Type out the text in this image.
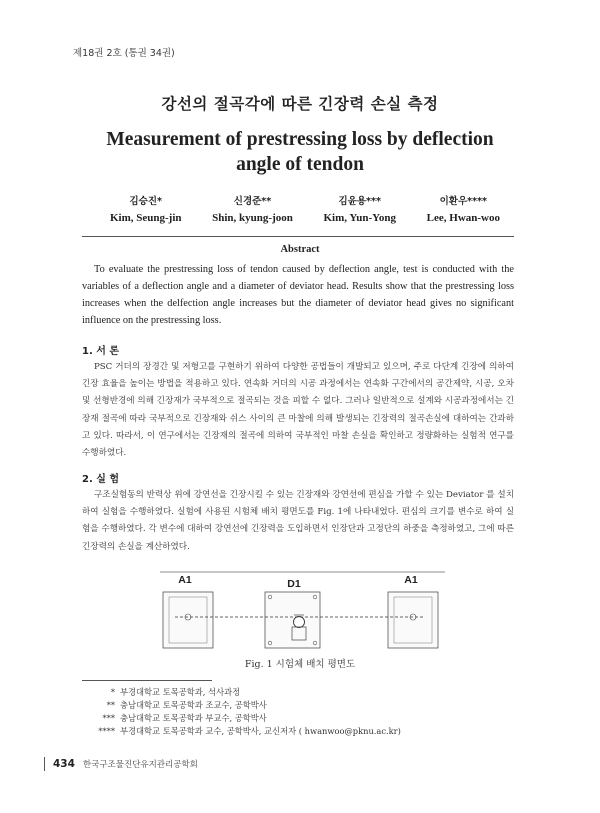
제18권 2호 (통권 34권)
강선의 절곡각에 따른 긴장력 손실 측정
Measurement of prestressing loss by deflection angle of tendon
김승진*
Kim, Seung-jin
신경준**
Shin, kyung-joon
김윤용***
Kim, Yun-Yong
이환우****
Lee, Hwan-woo
Abstract
To evaluate the prestressing loss of tendon caused by deflection angle, test is conducted with the variables of a deflection angle and a diameter of deviator head. Results show that the prestressing loss increases when the delfection angle increases but the diameter of deviator head gives no significant influence on the prestressing loss.
1. 서 론
PSC 거더의 장경간 및 저형고를 구현하기 위하여 다양한 공법들이 개발되고 있으며, 주로 다단계 긴장에 의하여 긴장 효율을 높이는 방법을 적용하고 있다. 연속화 거더의 시공 과정에서는 연속화 구간에서의 공간제약, 시공, 오차 및 선형반경에 의해 긴장재가 국부적으로 절곡되는 것을 피할 수 없다. 그러나 일반적으로 설계와 시공과정에서는 긴장재 절곡에 따라 국부적으로 긴장재와 쉬스 사이의 큰 마찰에 의해 발생되는 긴장력의 절곡손실에 대하여는 간과하고 있다. 따라서, 이 연구에서는 긴장재의 절곡에 의하여 국부적인 마찰 손실을 확인하고 정량화하는 실험적 연구를 수행하였다.
2. 실 험
구조실험동의 반력상 위에 강연선을 긴장시킬 수 있는 긴장재와 강연선에 편심을 가할 수 있는 Deviator 를 설치하여 실험을 수행하였다. 실험에 사용된 시험체 배치 평면도를 Fig. 1에 나타내었다. 편심의 크기를 변수로 하여 실험을 수행하였다. 각 변수에 대하여 강연선에 긴장력을 도입하면서 인장단과 고정단의 하중을 측정하였고, 그에 따른 긴장력의 손실을 계산하였다.
A1	D1	A1
Fig. 1 시험체 배치 평면도
* 부경대학교 토목공학과, 석사과정
** 충남대학교 토목공학과 조교수, 공학박사
*** 충남대학교 토목공학과 부교수, 공학박사
**** 부경대학교 토목공학과 교수, 공학박사, 교신저자 ( hwanwoo@pknu.ac.kr)
434 한국구조물진단유지관리공학회
